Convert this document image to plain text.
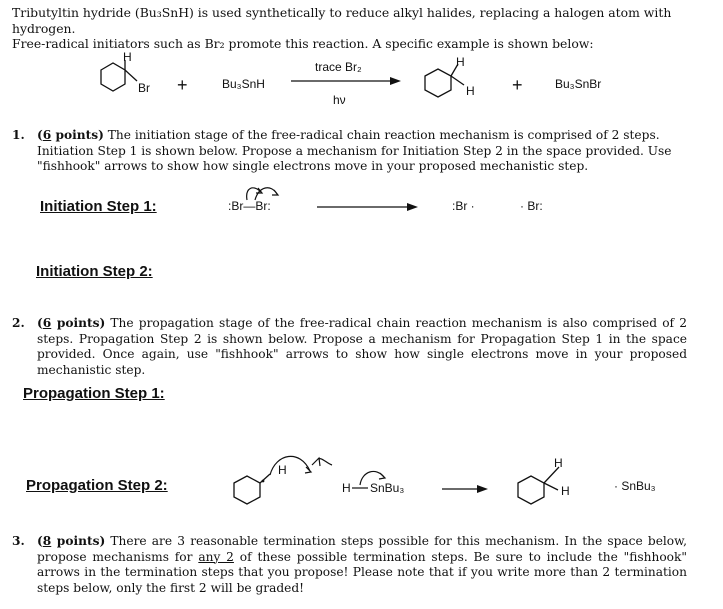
Tributyltin hydride (Bu₃SnH) is used synthetically to reduce alkyl halides, replacing a halogen atom with hydrogen.
Free-radical initiators such as Br₂ promote this reaction. A specific example is shown below:
H
Br +	Bu₃SnH
trace Br₂
hν
H
H +	Bu₃SnBr
1. (6 points) The initiation stage of the free-radical chain reaction mechanism is comprised of 2 steps. Initiation Step 1 is shown below. Propose a mechanism for Initiation Step 2 in the space provided. Use "fishhook" arrows to show how single electrons move in your proposed mechanistic step.
Initiation Step 1:	:Br—Br:	:Br ·	· Br:
Initiation Step 2:
2. (6 points) The propagation stage of the free-radical chain reaction mechanism is also comprised of 2 steps. Propagation Step 2 is shown below. Propose a mechanism for Propagation Step 1 in the space provided. Once again, use "fishhook" arrows to show how single electrons move in your proposed mechanistic step.
Propagation Step 1:
Propagation Step 2:
H
H SnBu₃
H
H	· SnBu₃
3. (8 points) There are 3 reasonable termination steps possible for this mechanism. In the space below, propose mechanisms for any 2 of these possible termination steps. Be sure to include the "fishhook" arrows in the termination steps that you propose! Please note that if you write more than 2 termination steps below, only the first 2 will be graded!
